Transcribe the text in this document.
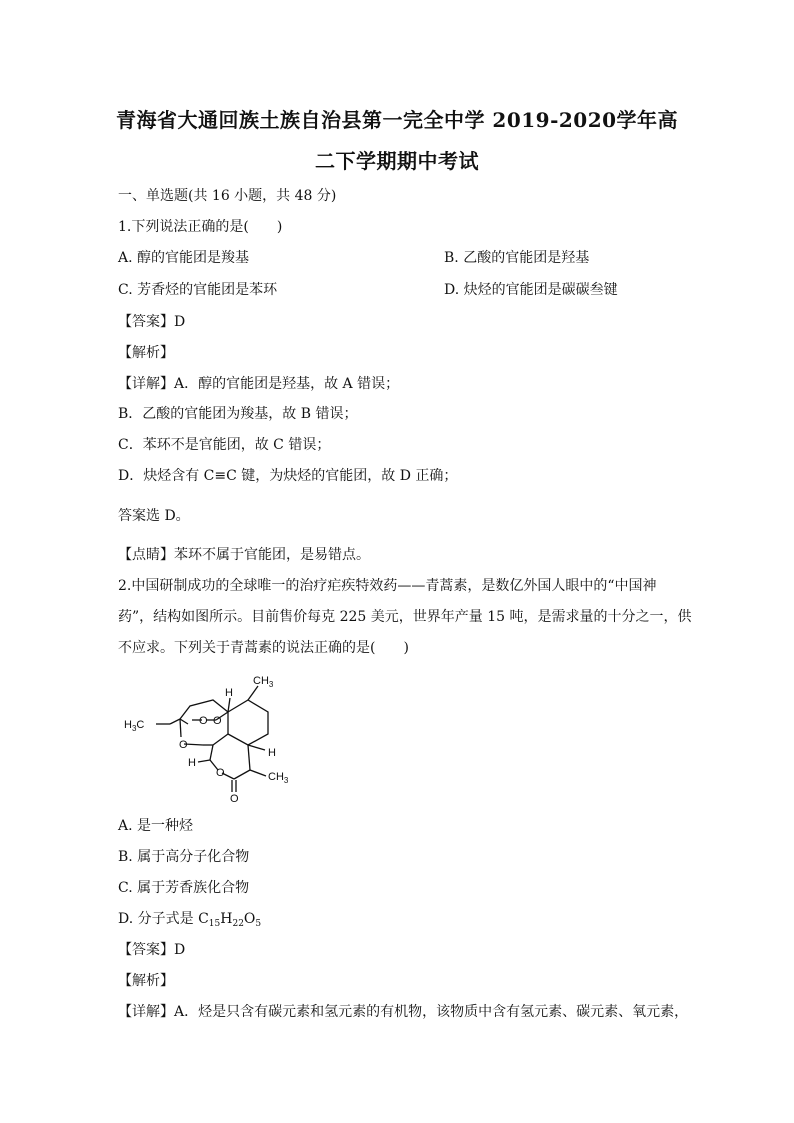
青海省大通回族土族自治县第一完全中学 2019-2020学年高
二下学期期中考试
一、单选题(共 16 小题，共 48 分)
1.下列说法正确的是(　　)
A. 醇的官能团是羧基	B. 乙酸的官能团是羟基
C. 芳香烃的官能团是苯环	D. 炔烃的官能团是碳碳叁键
【答案】D
【解析】
【详解】A．醇的官能团是羟基，故 A 错误；
B．乙酸的官能团为羧基，故 B 错误；
C．苯环不是官能团，故 C 错误；
D．炔烃含有 C≡C 键，为炔烃的官能团，故 D 正确；
答案选 D。
【点睛】苯环不属于官能团，是易错点。
2.中国研制成功的全球唯一的治疗疟疾特效药——青蒿素，是数亿外国人眼中的“中国神
药”，结构如图所示。目前售价每克 225 美元，世界年产量 15 吨，是需求量的十分之一，供
不应求。下列关于青蒿素的说法正确的是(　　)
$CH_3$
$H_3C$
$CH_3$
H
H
H
O O
O
O
O
A. 是一种烃
B. 属于高分子化合物
C. 属于芳香族化合物
D. 分子式是 $C_{15}H_{22}O_5$
【答案】D
【解析】
【详解】A．烃是只含有碳元素和氢元素的有机物，该物质中含有氢元素、碳元素、氧元素，
